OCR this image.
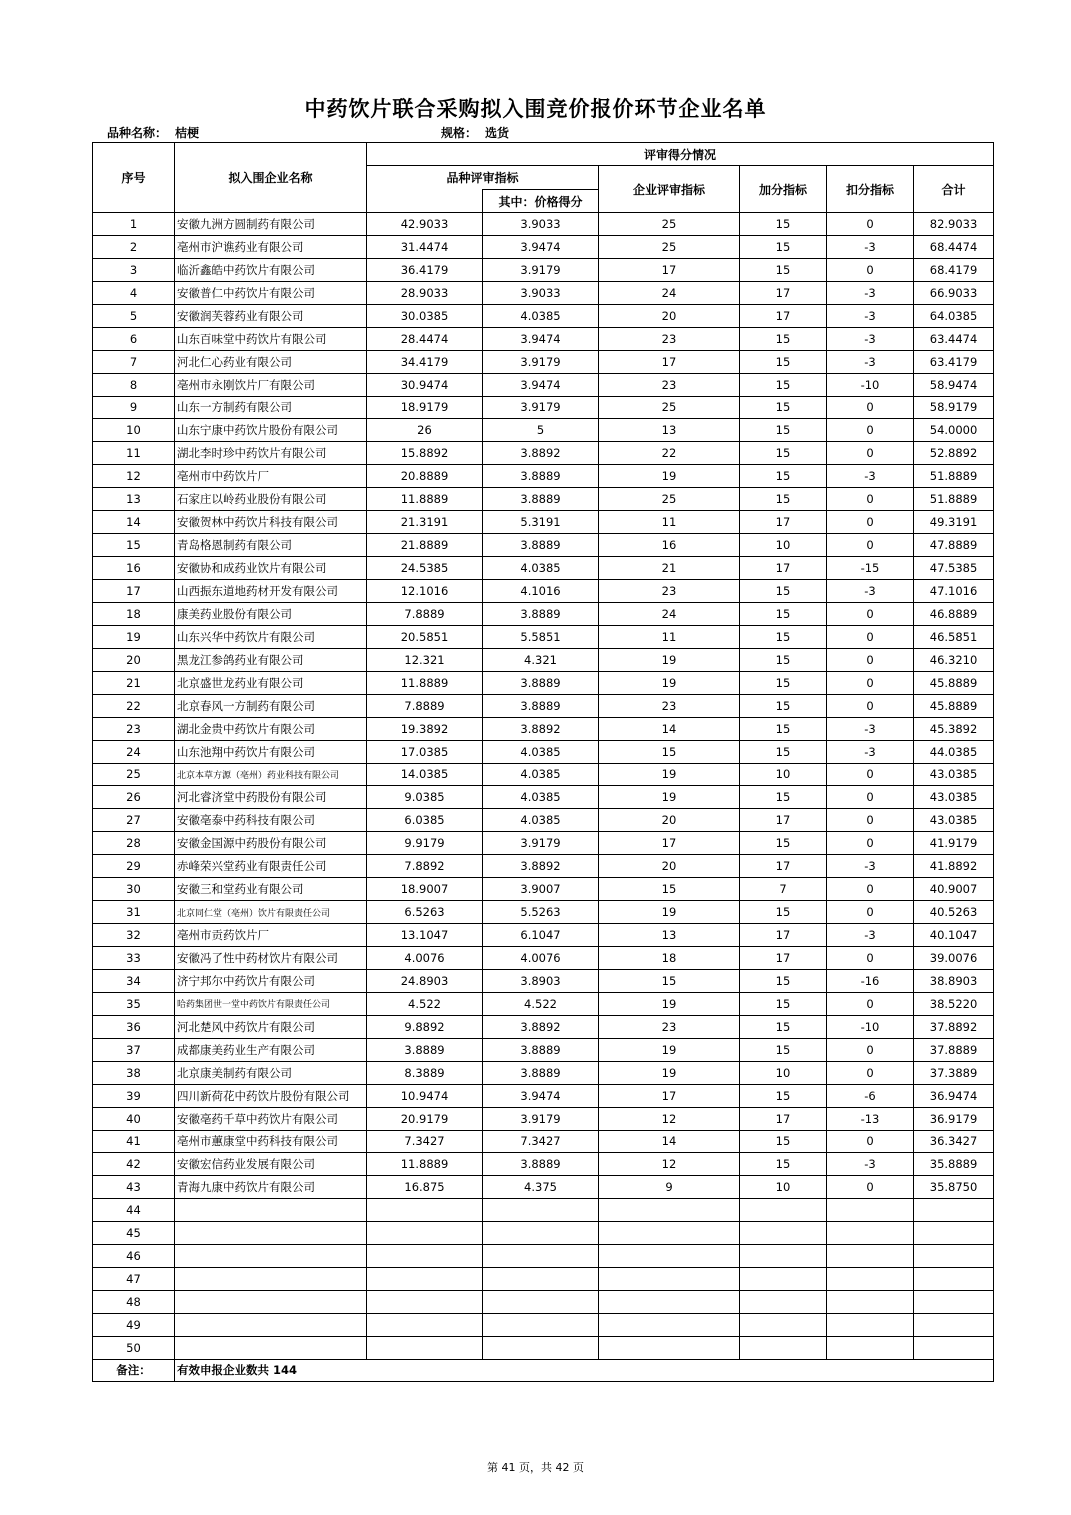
中药饮片联合采购拟入围竞价报价环节企业名单
品种名称： 桔梗	规格： 选货
序号	拟入围企业名称	评审得分情况					
		品种评审指标		企业评审指标	加分指标	扣分指标	合计
			其中：价格得分				
1	安徽九洲方圆制药有限公司	42.9033	3.9033	25	15	0	82.9033
2	亳州市沪谯药业有限公司	31.4474	3.9474	25	15	-3	68.4474
3	临沂鑫皓中药饮片有限公司	36.4179	3.9179	17	15	0	68.4179
4	安徽普仁中药饮片有限公司	28.9033	3.9033	24	17	-3	66.9033
5	安徽润芙蓉药业有限公司	30.0385	4.0385	20	17	-3	64.0385
6	山东百味堂中药饮片有限公司	28.4474	3.9474	23	15	-3	63.4474
7	河北仁心药业有限公司	34.4179	3.9179	17	15	-3	63.4179
8	亳州市永刚饮片厂有限公司	30.9474	3.9474	23	15	-10	58.9474
9	山东一方制药有限公司	18.9179	3.9179	25	15	0	58.9179
10	山东宁康中药饮片股份有限公司	26	5	13	15	0	54.0000
11	湖北李时珍中药饮片有限公司	15.8892	3.8892	22	15	0	52.8892
12	亳州市中药饮片厂	20.8889	3.8889	19	15	-3	51.8889
13	石家庄以岭药业股份有限公司	11.8889	3.8889	25	15	0	51.8889
14	安徽贺林中药饮片科技有限公司	21.3191	5.3191	11	17	0	49.3191
15	青岛格恩制药有限公司	21.8889	3.8889	16	10	0	47.8889
16	安徽协和成药业饮片有限公司	24.5385	4.0385	21	17	-15	47.5385
17	山西振东道地药材开发有限公司	12.1016	4.1016	23	15	-3	47.1016
18	康美药业股份有限公司	7.8889	3.8889	24	15	0	46.8889
19	山东兴华中药饮片有限公司	20.5851	5.5851	11	15	0	46.5851
20	黑龙江参鸽药业有限公司	12.321	4.321	19	15	0	46.3210
21	北京盛世龙药业有限公司	11.8889	3.8889	19	15	0	45.8889
22	北京春风一方制药有限公司	7.8889	3.8889	23	15	0	45.8889
23	湖北金贵中药饮片有限公司	19.3892	3.8892	14	15	-3	45.3892
24	山东池翔中药饮片有限公司	17.0385	4.0385	15	15	-3	44.0385
25	北京本草方源（亳州）药业科技有限公司	14.0385	4.0385	19	10	0	43.0385
26	河北睿济堂中药股份有限公司	9.0385	4.0385	19	15	0	43.0385
27	安徽亳泰中药科技有限公司	6.0385	4.0385	20	17	0	43.0385
28	安徽金国源中药股份有限公司	9.9179	3.9179	17	15	0	41.9179
29	赤峰荣兴堂药业有限责任公司	7.8892	3.8892	20	17	-3	41.8892
30	安徽三和堂药业有限公司	18.9007	3.9007	15	7	0	40.9007
31	北京同仁堂（亳州）饮片有限责任公司	6.5263	5.5263	19	15	0	40.5263
32	亳州市贡药饮片厂	13.1047	6.1047	13	17	-3	40.1047
33	安徽冯了性中药材饮片有限公司	4.0076	4.0076	18	17	0	39.0076
34	济宁邦尔中药饮片有限公司	24.8903	3.8903	15	15	-16	38.8903
35	哈药集团世一堂中药饮片有限责任公司	4.522	4.522	19	15	0	38.5220
36	河北楚风中药饮片有限公司	9.8892	3.8892	23	15	-10	37.8892
37	成都康美药业生产有限公司	3.8889	3.8889	19	15	0	37.8889
38	北京康美制药有限公司	8.3889	3.8889	19	10	0	37.3889
39	四川新荷花中药饮片股份有限公司	10.9474	3.9474	17	15	-6	36.9474
40	安徽亳药千草中药饮片有限公司	20.9179	3.9179	12	17	-13	36.9179
41	亳州市蕙康堂中药科技有限公司	7.3427	7.3427	14	15	0	36.3427
42	安徽宏信药业发展有限公司	11.8889	3.8889	12	15	-3	35.8889
43	青海九康中药饮片有限公司	16.875	4.375	9	10	0	35.8750
44							
45							
46							
47							
48							
49							
50							
备注：	有效申报企业数共 144						
第 41 页，共 42 页
